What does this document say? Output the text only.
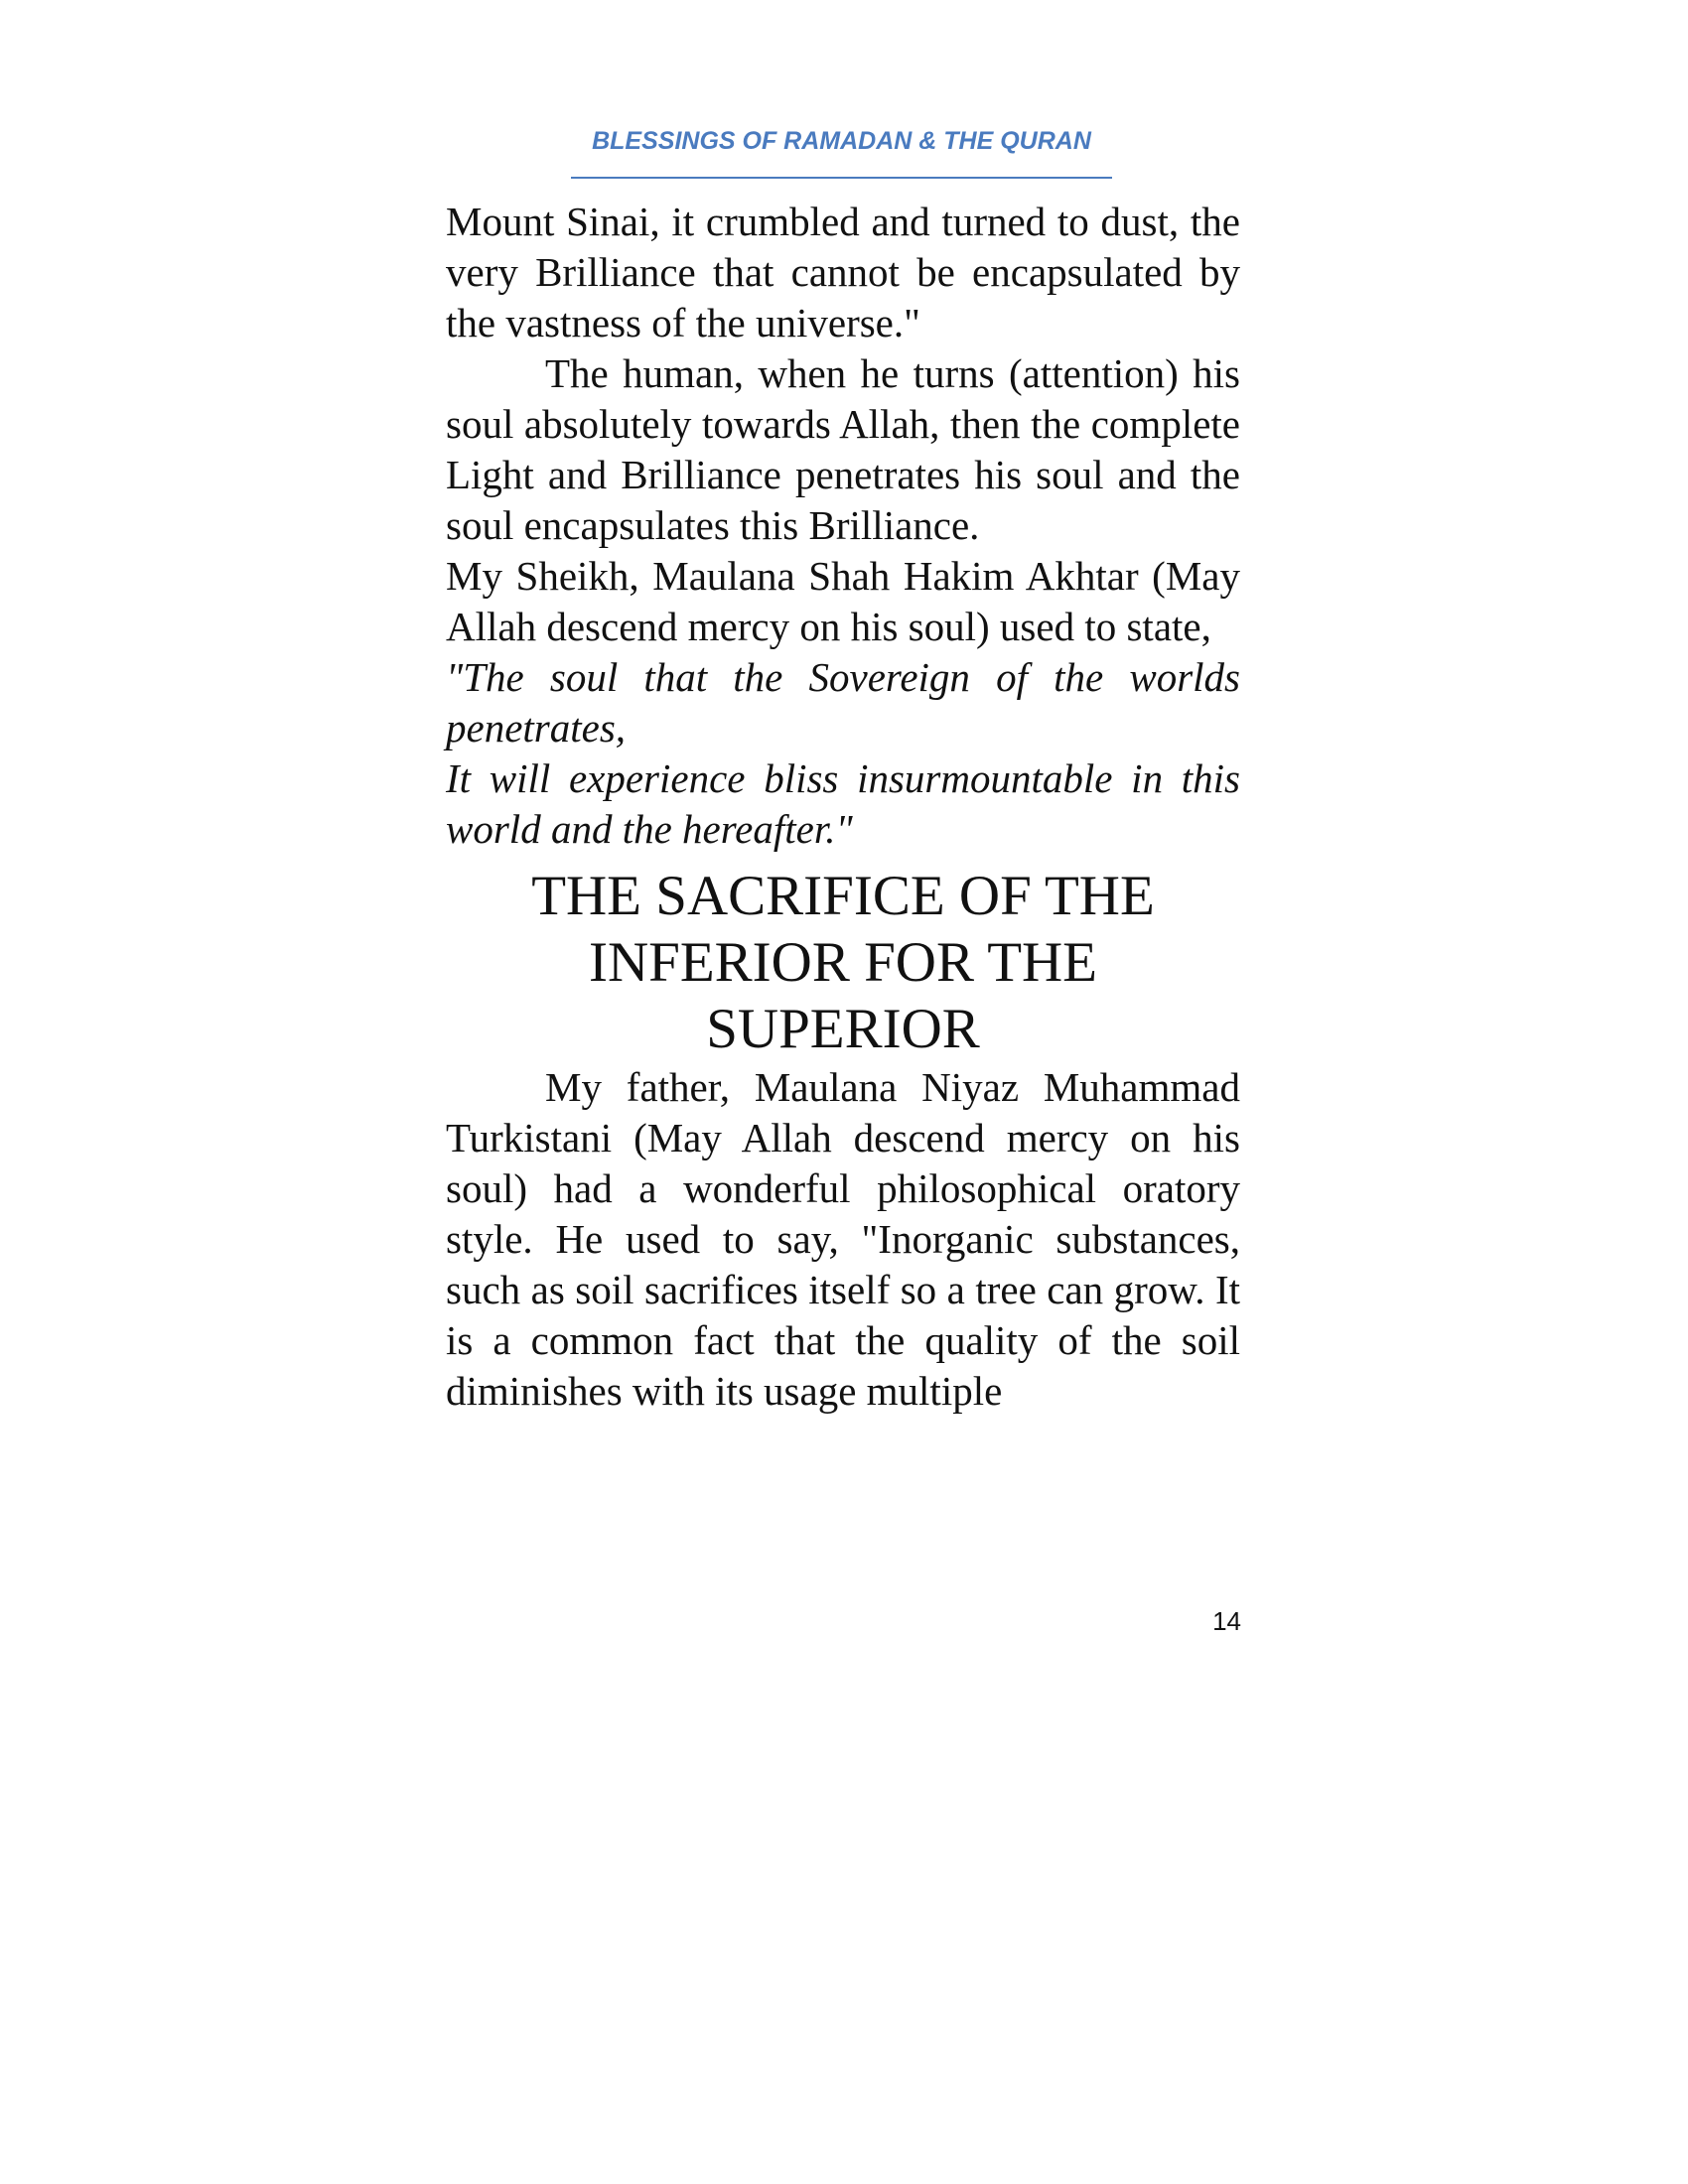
BLESSINGS OF RAMADAN & THE QURAN

Mount Sinai, it crumbled and turned to dust, the very Brilliance that cannot be encapsulated by the vastness of the universe."

The human, when he turns (attention) his soul absolutely towards Allah, then the complete Light and Brilliance penetrates his soul and the soul encapsulates this Brilliance.

My Sheikh, Maulana Shah Hakim Akhtar (May Allah descend mercy on his soul) used to state,

"The soul that the Sovereign of the worlds penetrates,

It will experience bliss insurmountable in this world and the hereafter."

THE SACRIFICE OF THE INFERIOR FOR THE SUPERIOR

My father, Maulana Niyaz Muhammad Turkistani (May Allah descend mercy on his soul) had a wonderful philosophical oratory style. He used to say, "Inorganic substances, such as soil sacrifices itself so a tree can grow. It is a common fact that the quality of the soil diminishes with its usage multiple

14
